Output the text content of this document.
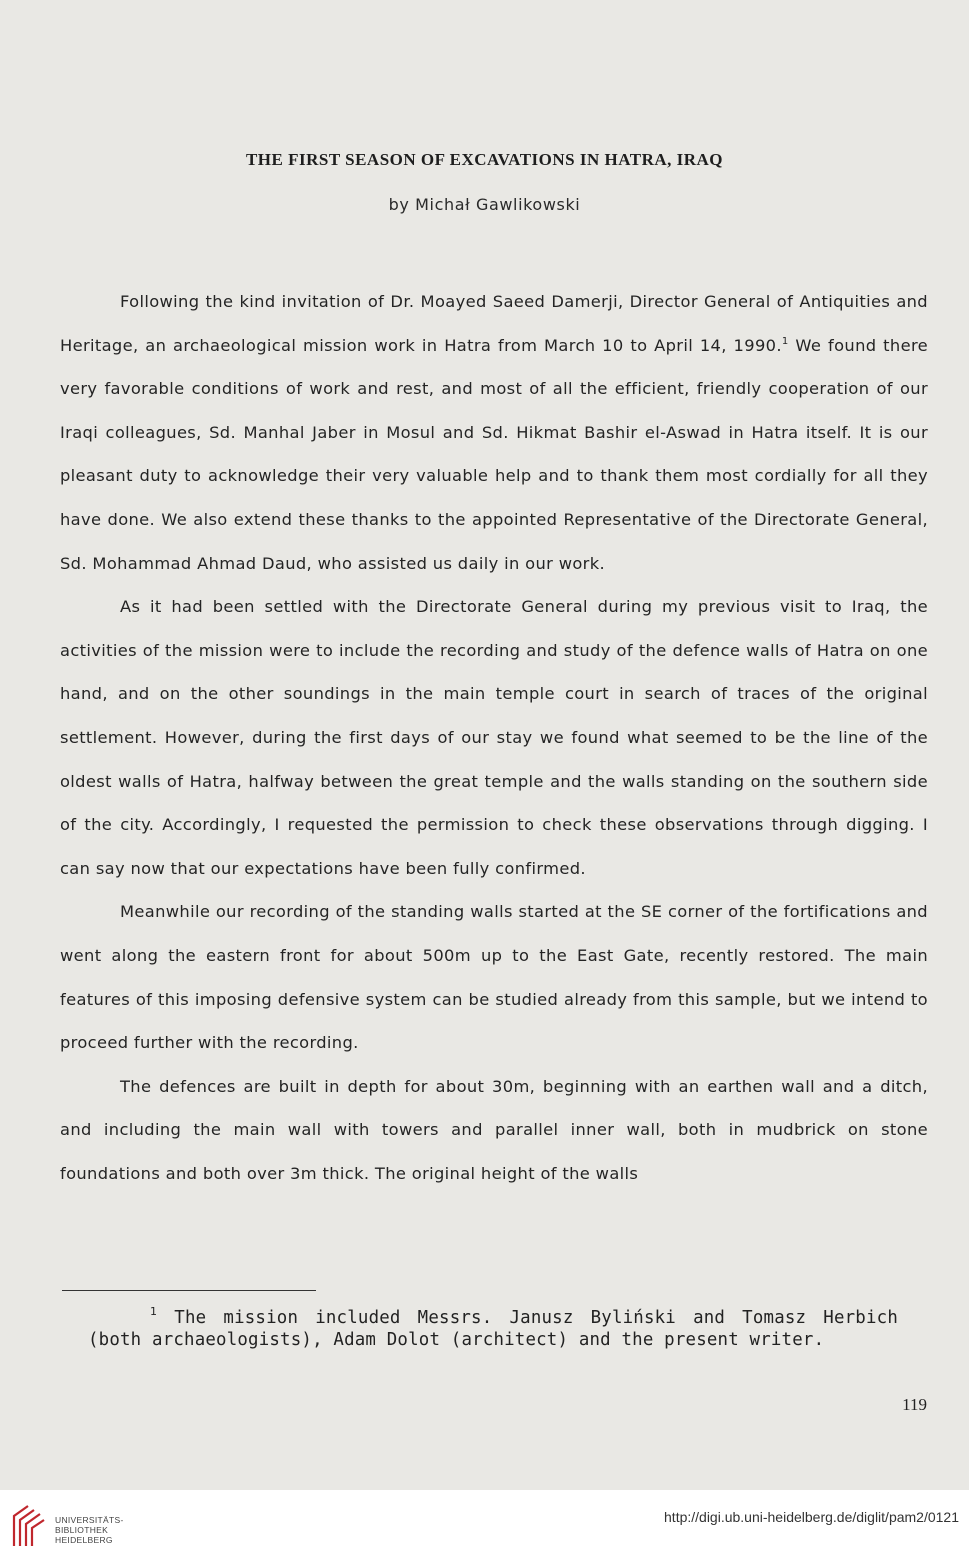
THE FIRST SEASON OF EXCAVATIONS IN HATRA, IRAQ
by Michał Gawlikowski

Following the kind invitation of Dr. Moayed Saeed Damerji, Director General of Antiquities and Heritage, an archaeological mission work in Hatra from March 10 to April 14, 1990.$^1$ We found there very favorable conditions of work and rest, and most of all the efficient, friendly cooperation of our Iraqi colleagues, Sd. Manhal Jaber in Mosul and Sd. Hikmat Bashir el-Aswad in Hatra itself. It is our pleasant duty to acknowledge their very valuable help and to thank them most cordially for all they have done. We also extend these thanks to the appointed Representative of the Directorate General, Sd. Mohammad Ahmad Daud, who assisted us daily in our work.

As it had been settled with the Directorate General during my previous visit to Iraq, the activities of the mission were to include the recording and study of the defence walls of Hatra on one hand, and on the other soundings in the main temple court in search of traces of the original settlement. However, during the first days of our stay we found what seemed to be the line of the oldest walls of Hatra, halfway between the great temple and the walls standing on the southern side of the city. Accordingly, I requested the permission to check these observations through digging. I can say now that our expectations have been fully confirmed.

Meanwhile our recording of the standing walls started at the SE corner of the fortifications and went along the eastern front for about 500m up to the East Gate, recently restored. The main features of this imposing defensive system can be studied already from this sample, but we intend to proceed further with the recording.

The defences are built in depth for about 30m, beginning with an earthen wall and a ditch, and including the main wall with towers and parallel inner wall, both in mudbrick on stone foundations and both over 3m thick. The original height of the walls

$^1$ The mission included Messrs. Janusz Byliński and Tomasz Herbich (both archaeologists), Adam Dolot (architect) and the present writer.
119
UNIVERSITÄTS-
BIBLIOTHEK
HEIDELBERG
http://digi.ub.uni-heidelberg.de/diglit/pam2/0121
